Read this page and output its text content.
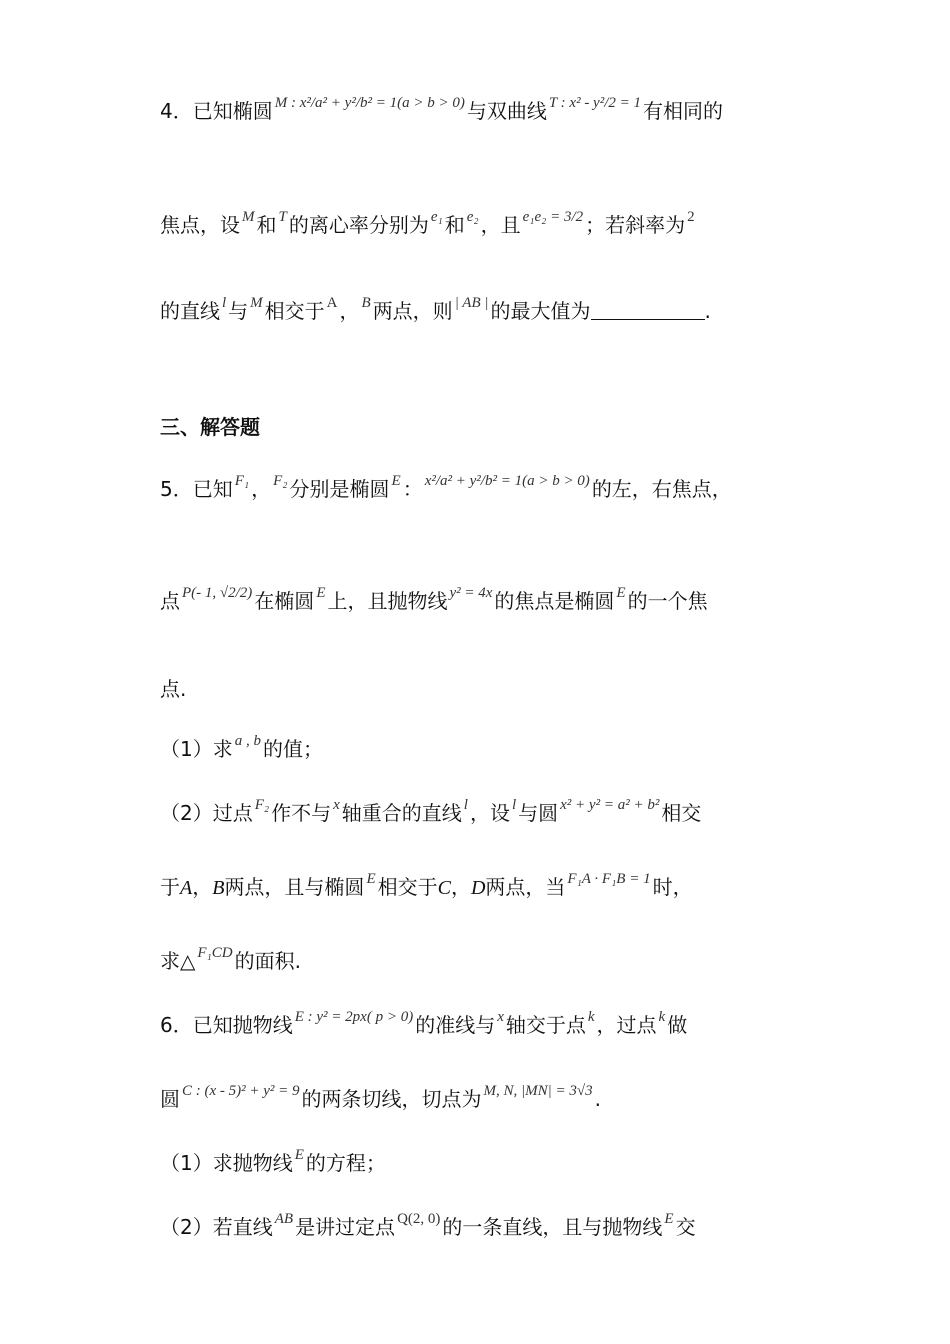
4．已知椭圆 M : x²/a² + y²/b² = 1(a > b > 0) 与双曲线 T : x² - y²/2 = 1 有相同的
焦点，设 M 和 T 的离心率分别为 e₁ 和 e₂ ，且 e₁e₂ = 3/2 ；若斜率为 2
的直线 l 与 M 相交于 A ， B 两点，则 | AB | 的最大值为	.
三、解答题
5．已知 F₁ ， F₂ 分别是椭圆 E ： x²/a² + y²/b² = 1(a > b > 0) 的左，右焦点，
点 P(- 1, √2/2) 在椭圆 E 上，且抛物线 y² = 4x 的焦点是椭圆 E 的一个焦
点.
（1）求 a , b 的值；
（2）过点 F₂ 作不与 x 轴重合的直线 l ，设 l 与圆 x² + y² = a² + b² 相交
于A，B两点，且与椭圆 E 相交于C，D两点，当 F₁A · F₁B = 1 时，
求△ F₁CD 的面积.
6．已知抛物线 E : y² = 2px( p > 0) 的准线与 x 轴交于点 k ，过点 k 做
圆 C : (x - 5)² + y² = 9 的两条切线，切点为 M, N, |MN| = 3√3 .
（1）求抛物线 E 的方程；
（2）若直线 AB 是讲过定点 Q(2, 0) 的一条直线，且与抛物线 E 交
